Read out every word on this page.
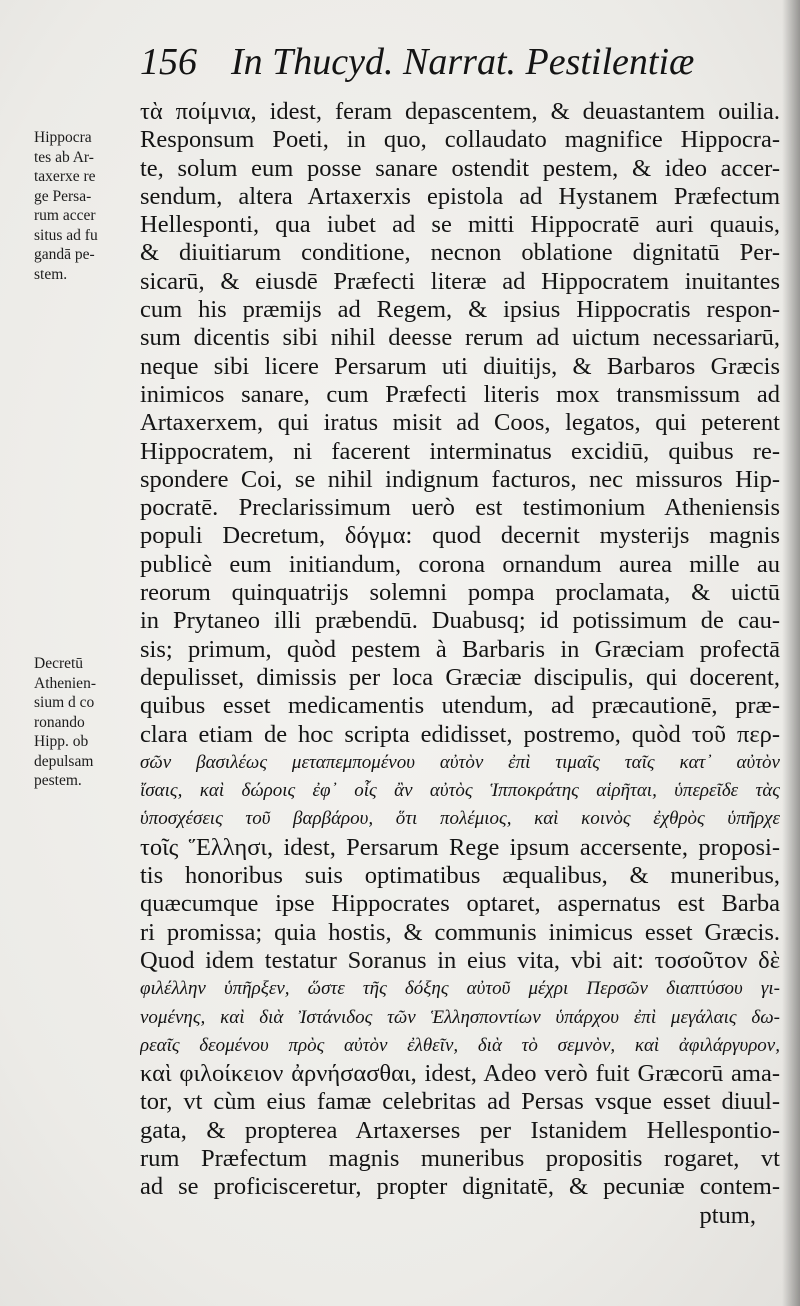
156 In Thucyd. Narrat. Pestilentiæ
Hippocra
tes ab Ar-
taxerxe re
ge Persa-
rum accer
situs ad fu
gandā pe-
stem.
Decretū
Athenien-
sium d co
ronando
Hipp. ob
depulsam
pestem.
τὰ ποίμνια, idest, feram depascentem, & deuastantem ouilia.
Responsum Poeti, in quo, collaudato magnifice Hippocra-
te, solum eum posse sanare ostendit pestem, & ideo accer-
sendum, altera Artaxerxis epistola ad Hystanem Præfectum
Hellesponti, qua iubet ad se mitti Hippocratē auri quauis,
& diuitiarum conditione, necnon oblatione dignitatū Per-
sicarū, & eiusdē Præfecti literæ ad Hippocratem inuitantes
cum his præmijs ad Regem, & ipsius Hippocratis respon-
sum dicentis sibi nihil deesse rerum ad uictum necessariarū,
neque sibi licere Persarum uti diuitijs, & Barbaros Græcis
inimicos sanare, cum Præfecti literis mox transmissum ad
Artaxerxem, qui iratus misit ad Coos, legatos, qui peterent
Hippocratem, ni facerent interminatus excidiū, quibus re-
spondere Coi, se nihil indignum facturos, nec missuros Hip-
pocratē. Preclarissimum uerò est testimonium Atheniensis
populi Decretum, δόγμα: quod decernit mysterijs magnis
publicè eum initiandum, corona ornandum aurea mille au
reorum quinquatrijs solemni pompa proclamata, & uictū
in Prytaneo illi præbendū. Duabusq; id potissimum de cau-
sis; primum, quòd pestem à Barbaris in Græciam profectā
depulisset, dimissis per loca Græciæ discipulis, qui docerent,
quibus esset medicamentis utendum, ad præcautionē, præ-
clara etiam de hoc scripta edidisset, postremo, quòd τοῦ περ-
σῶν βασιλέως μεταπεμπομένου αὐτὸν ἐπὶ τιμαῖς ταῖς κατ᾽ αὐτὸν
ἴσαις, καὶ δώροις ἐφ᾽ οἷς ἂν αὐτὸς Ἱπποκράτης αἱρῆται, ὑπερεῖδε τὰς
ὑποσχέσεις τοῦ βαρβάρου, ὅτι πολέμιος, καὶ κοινὸς ἐχθρὸς ὑπῆρχε
τοῖς Ἕλλησι, idest, Persarum Rege ipsum accersente, proposi-
tis honoribus suis optimatibus æqualibus, & muneribus,
quæcumque ipse Hippocrates optaret, aspernatus est Barba
ri promissa; quia hostis, & communis inimicus esset Græcis.
Quod idem testatur Soranus in eius vita, vbi ait: τοσοῦτον δὲ
φιλέλλην ὑπῆρξεν, ὥστε τῆς δόξης αὐτοῦ μέχρι Περσῶν διαπτύσου γι-
νομένης, καὶ διὰ Ἰστάνιδος τῶν Ἑλλησποντίων ὑπάρχου ἐπὶ μεγάλαις δω-
ρεαῖς δεομένου πρὸς αὐτὸν ἐλθεῖν, διὰ τὸ σεμνὸν, καὶ ἀφιλάργυρον,
καὶ φιλοίκειον ἀρνήσασθαι, idest, Adeo verò fuit Græcorū ama-
tor, vt cùm eius famæ celebritas ad Persas vsque esset diuul-
gata, & propterea Artaxerses per Istanidem Hellespontio-
rum Præfectum magnis muneribus propositis rogaret, vt
ad se proficisceretur, propter dignitatē, & pecuniæ contem-
ptum,
